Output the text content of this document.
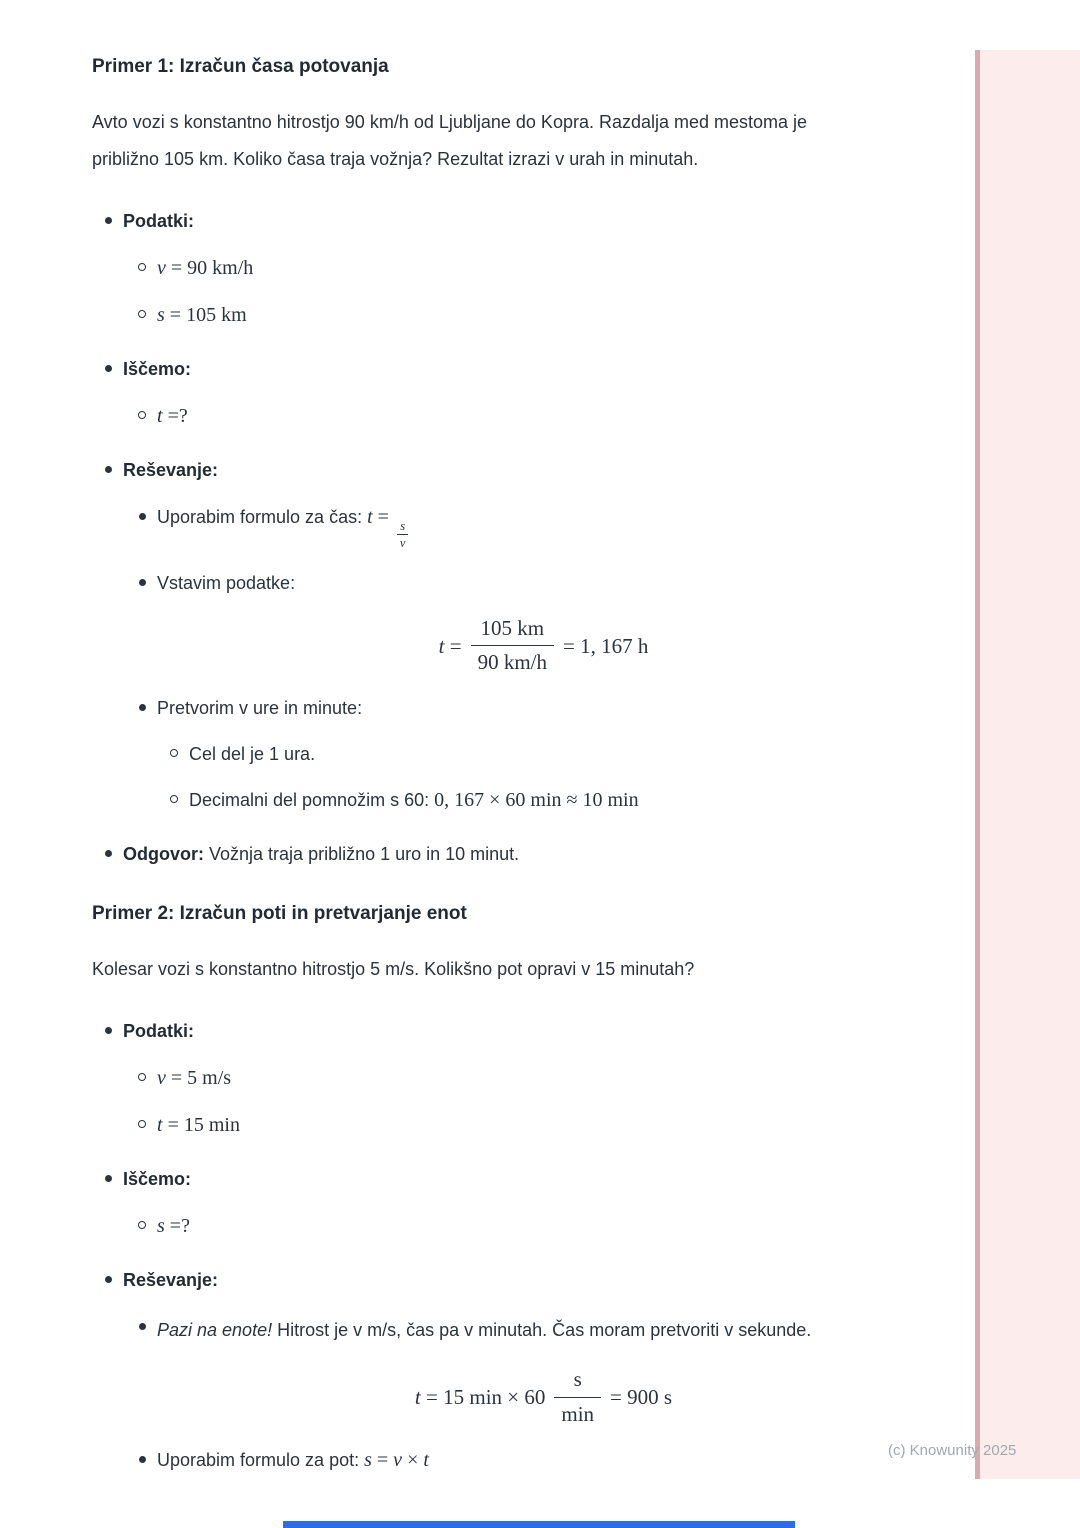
(c) Knowunity 2025
Primer 1: Izračun časa potovanja

Avto vozi s konstantno hitrostjo 90 km/h od Ljubljane do Kopra. Razdalja med mestoma je približno 105 km. Koliko časa traja vožnja? Rezultat izrazi v urah in minutah.

Podatki:
v = 90 km/h
s = 105 km
Iščemo:
t =?
Reševanje:
Uporabim formulo za čas: t =
$\frac{s}{v}$
Vstavim podatke:
$t = \frac{105 km}{90 km/h} = 1$, 167 h
Pretvorim v ure in minute:
Cel del je 1 ura.
Decimalni del pomnožim s 60: 0, 167 × 60 min ≈ 10 min
Odgovor: Vožnja traja približno 1 uro in 10 minut.
Primer 2: Izračun poti in pretvarjanje enot

Kolesar vozi s konstantno hitrostjo 5 m/s. Kolikšno pot opravi v 15 minutah?

Podatki:
v = 5 m/s
t = 15 min
Iščemo:
s =?
Reševanje:
Pazi na enote! Hitrost je v m/s, čas pa v minutah. Čas moram pretvoriti v sekunde.
t = 15 min × 60
s
min
= 900 s
Uporabim formulo za pot: s = v × t
